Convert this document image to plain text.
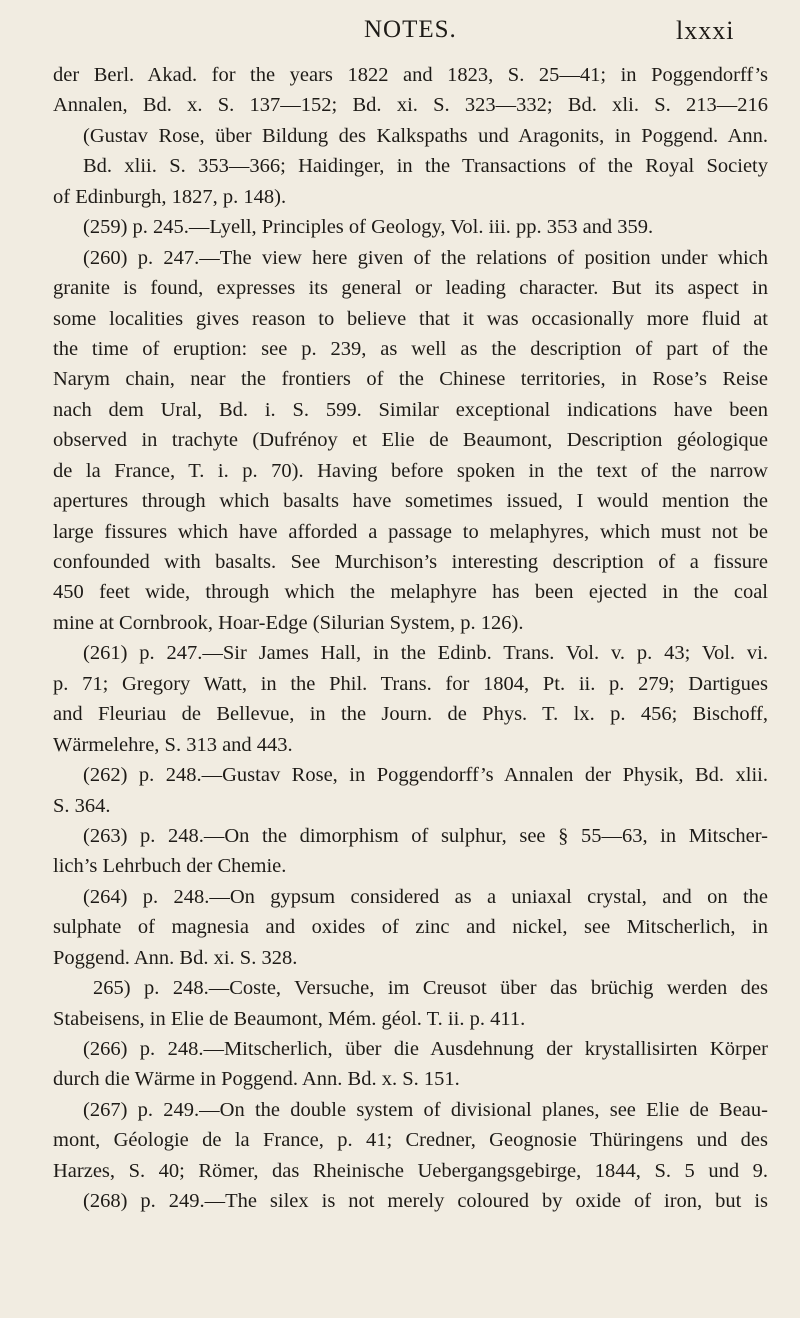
NOTES.	lxxxi
der Berl. Akad. for the years 1822 and 1823, S. 25—41; in Poggendorff’s
Annalen, Bd. x. S. 137—152; Bd. xi. S. 323—332; Bd. xli. S. 213—216
(Gustav Rose, über Bildung des Kalkspaths und Aragonits, in Poggend. Ann.
Bd. xlii. S. 353—366; Haidinger, in the Transactions of the Royal Society
of Edinburgh, 1827, p. 148).
(259) p. 245.—Lyell, Principles of Geology, Vol. iii. pp. 353 and 359.
(260) p. 247.—The view here given of the relations of position under which
granite is found, expresses its general or leading character. But its aspect in
some localities gives reason to believe that it was occasionally more fluid at
the time of eruption: see p. 239, as well as the description of part of the
Narym chain, near the frontiers of the Chinese territories, in Rose’s Reise
nach dem Ural, Bd. i. S. 599. Similar exceptional indications have been
observed in trachyte (Dufrénoy et Elie de Beaumont, Description géologique
de la France, T. i. p. 70). Having before spoken in the text of the narrow
apertures through which basalts have sometimes issued, I would mention the
large fissures which have afforded a passage to melaphyres, which must not be
confounded with basalts. See Murchison’s interesting description of a fissure
450 feet wide, through which the melaphyre has been ejected in the coal
mine at Cornbrook, Hoar-Edge (Silurian System, p. 126).
(261) p. 247.—Sir James Hall, in the Edinb. Trans. Vol. v. p. 43; Vol. vi.
p. 71; Gregory Watt, in the Phil. Trans. for 1804, Pt. ii. p. 279; Dartigues
and Fleuriau de Bellevue, in the Journ. de Phys. T. lx. p. 456; Bischoff,
Wärmelehre, S. 313 and 443.
(262) p. 248.—Gustav Rose, in Poggendorff’s Annalen der Physik, Bd. xlii.
S. 364.
(263) p. 248.—On the dimorphism of sulphur, see § 55—63, in Mitscher-
lich’s Lehrbuch der Chemie.
(264) p. 248.—On gypsum considered as a uniaxal crystal, and on the
sulphate of magnesia and oxides of zinc and nickel, see Mitscherlich, in
Poggend. Ann. Bd. xi. S. 328.
265) p. 248.—Coste, Versuche, im Creusot über das brüchig werden des
Stabeisens, in Elie de Beaumont, Mém. géol. T. ii. p. 411.
(266) p. 248.—Mitscherlich, über die Ausdehnung der krystallisirten Körper
durch die Wärme in Poggend. Ann. Bd. x. S. 151.
(267) p. 249.—On the double system of divisional planes, see Elie de Beau-
mont, Géologie de la France, p. 41; Credner, Geognosie Thüringens und des
Harzes, S. 40; Römer, das Rheinische Uebergangsgebirge, 1844, S. 5 und 9.
(268) p. 249.—The silex is not merely coloured by oxide of iron, but is
